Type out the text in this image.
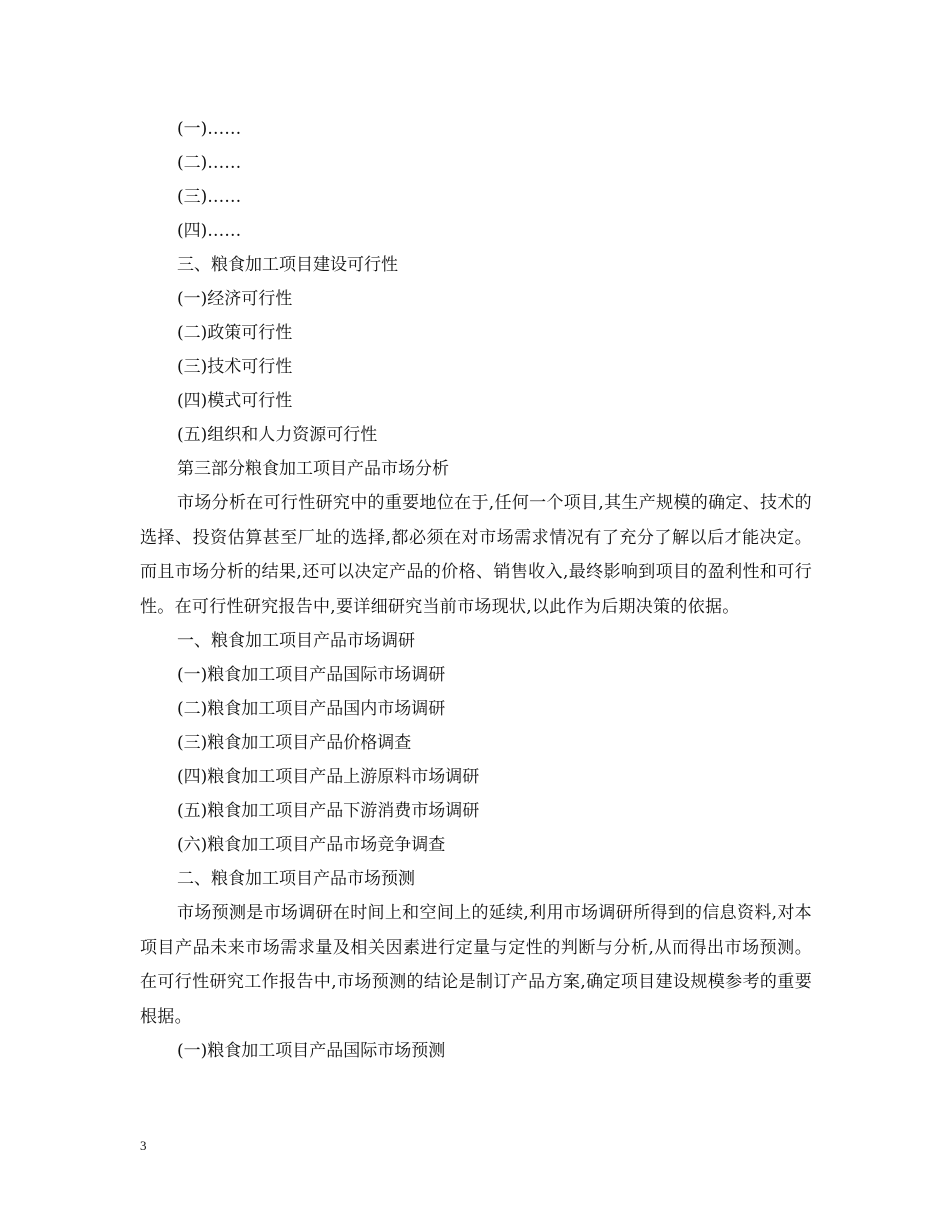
(一)……
(二)……
(三)……
(四)……
三、粮食加工项目建设可行性
(一)经济可行性
(二)政策可行性
(三)技术可行性
(四)模式可行性
(五)组织和人力资源可行性
第三部分粮食加工项目产品市场分析

市场分析在可行性研究中的重要地位在于,任何一个项目,其生产规模的确定、技术的选择、投资估算甚至厂址的选择,都必须在对市场需求情况有了充分了解以后才能决定。而且市场分析的结果,还可以决定产品的价格、销售收入,最终影响到项目的盈利性和可行性。在可行性研究报告中,要详细研究当前市场现状,以此作为后期决策的依据。

一、粮食加工项目产品市场调研
(一)粮食加工项目产品国际市场调研
(二)粮食加工项目产品国内市场调研
(三)粮食加工项目产品价格调查
(四)粮食加工项目产品上游原料市场调研
(五)粮食加工项目产品下游消费市场调研
(六)粮食加工项目产品市场竞争调查
二、粮食加工项目产品市场预测

市场预测是市场调研在时间上和空间上的延续,利用市场调研所得到的信息资料,对本项目产品未来市场需求量及相关因素进行定量与定性的判断与分析,从而得出市场预测。在可行性研究工作报告中,市场预测的结论是制订产品方案,确定项目建设规模参考的重要根据。

(一)粮食加工项目产品国际市场预测
3
